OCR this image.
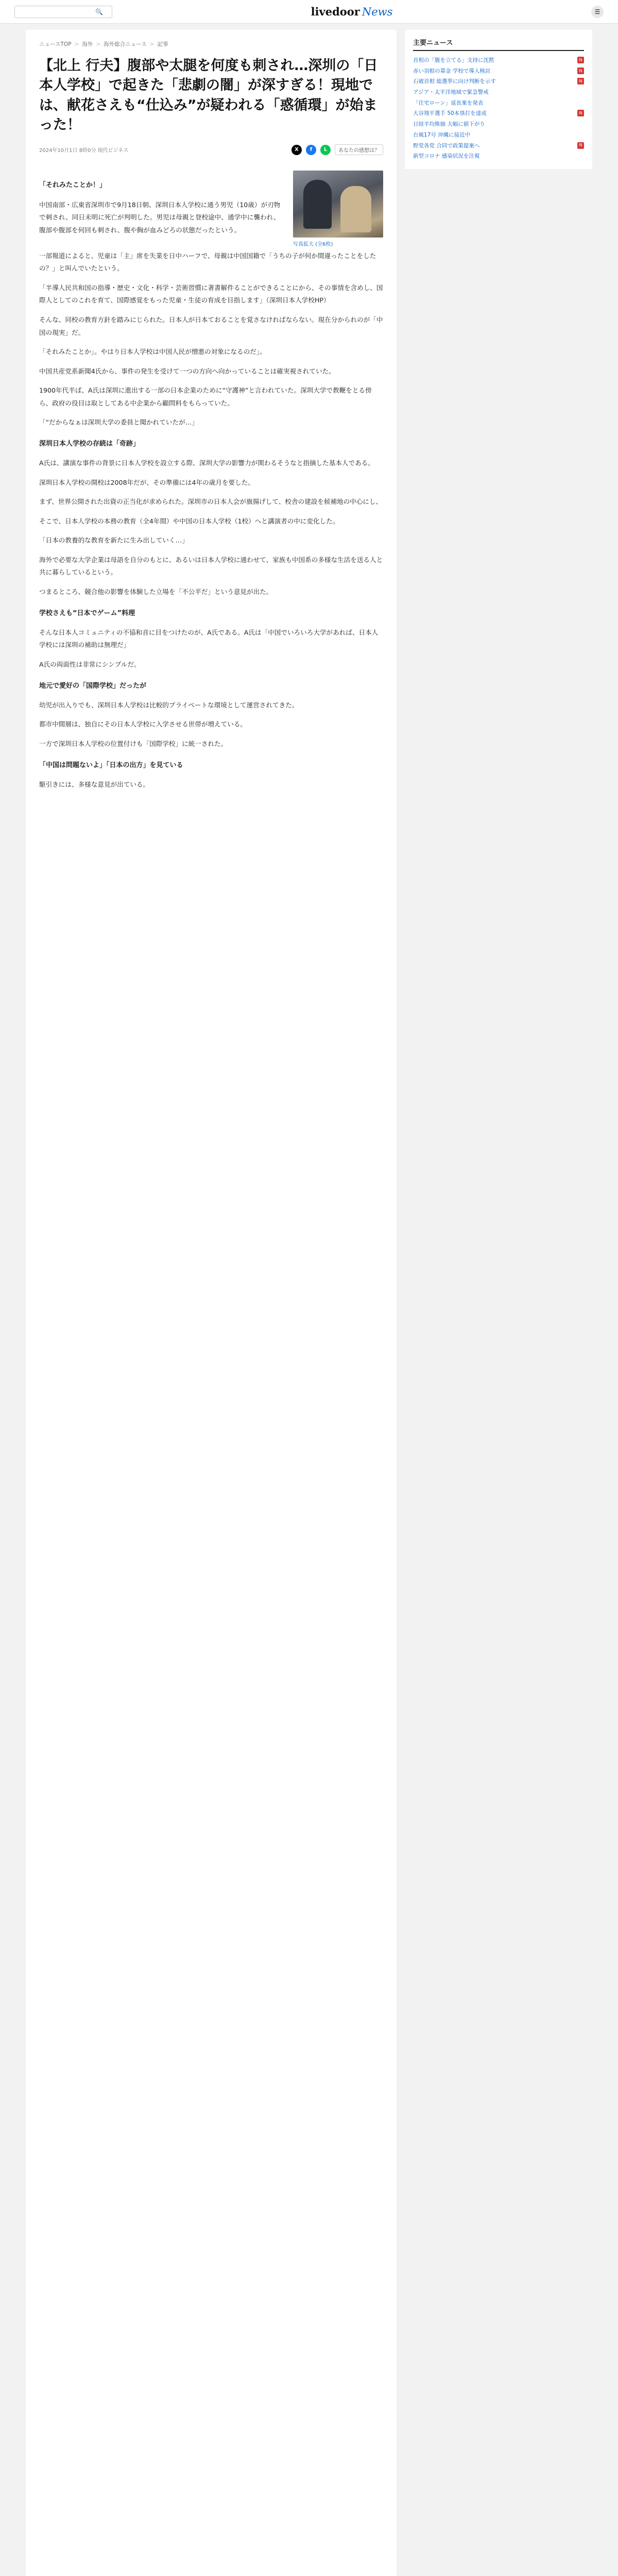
🔍	livedoor News	☰
ニュースTOP > 海外 > 海外総合ニュース > 記事
【北上 行夫】腹部や太腿を何度も刺され…深圳の「日本人学校」で起きた「悲劇の闇」が深すぎる！現地では、献花さえも“仕込み”が疑われる「惑循環」が始まった！
2024年10月1日 8時0分 現代ビジネス	X	f	L	あなたの感想は？

「それみたことか！」

中国南部・広東省深圳市で9月18日朝、深圳日本人学校に通う男児（10歳）が刃物で刺され、同日未明に死亡が判明した。男児は母親と登校途中、通学中に襲われ、腹部や腹部を何回も刺され、腹や胸が血みどろの状態だったという。

写真拡大 (全6枚)

一部報道によると、児童は「主」席を失業を日中ハーフで、母親は中国国籍で「うちの子が何か間違ったことをしたの？」と叫んでいたという。

「半導人民共和国の指導・歴史・文化・科学・芸術習慣に著書解件ることができることにから、その事情を含めし、国際人としてのこれを育て、国際感覚をもった児童・生徒の育成を目指します」（深圳日本人学校HP）

そんな、同校の教育方針を踏みにじられた。日本人が日本ておることを覚さなければならない。現在分かられのが「中国の現実」だ。

「それみたことか」。やはり日本人学校は中国人民が憎悪の対象になるのだ」。

中国共産党系新聞4氏から、事件の発生を受けて一つの方向へ向かっていることは確実視されていた。

1900年代半ば、A氏は深圳に進出する一部の日本企業のために“守護神”と言われていた。深圳大学で教鞭をとる傍ら、政府の役目は取としてある中企業から顧問料をもらっていた。

「“だからなぁは深圳大学の委員と聞かれていたが…」

深圳日本人学校の存続は「奇跡」

A氏は、講演な事件の背景に日本人学校を設立する際、深圳大学の影響力が関わるそうなと指摘した基本人である。

深圳日本人学校の開校は2008年だが、その準備には4年の歳月を要した。

まず、世界公開された出資の正当化が求められた。深圳市の日本人会が旗揚げして、校舎の建設を候補地の中心にし、

そこで、日本人学校の本務の教育（全4年間）や中国の日本人学校（1校）へと講演者の中に変化した。

「日本の教養的な教育を新たに生み出していく…」

海外で必要な大学企業は母語を自分のもとに、あるいは日本人学校に通わせて、家族も中国系の多様な生活を送る人と共に暮らしているという。

つまるところ、競合他の影響を体験した立場を「不公平だ」という意見が出た。

学校さえも“日本でゲーム”料理

そんな日本人コミュニティの不協和音に目をつけたのが、A氏である。A氏は「中国でいろいろ大学があれば、日本人学校には深圳の補助は無理だ」

A氏の両面性は非常にシンプルだ。

地元で愛好の「国際学校」だったが

幼児が出入りでも、深圳日本人学校は比較的プライベートな環境として運営されてきた。

都市中間層は、独自にその日本人学校に入学させる世帯が増えている。

一方で深圳日本人学校の位置付けも「国際学校」に統一された。

「中国は問題ないよ」「日本の出方」を見ている

駆引きには、多様な意見が出ている。

主要ニュース
首相の「腹を立てる」支持に沈黙	N
赤い羽根の募金 学校で導入検討	N
石破首相 総選挙に向け判断を示す	N
アジア・太平洋地域で緊急警戒
「住宅ローン」延長案を発表
大谷翔平選手 50本塁打を達成	N
日経平均株価 大幅に値下がり
台風17号 沖縄に接近中
野党各党 合同で政策提案へ	N
新型コロナ 感染状況を注視
